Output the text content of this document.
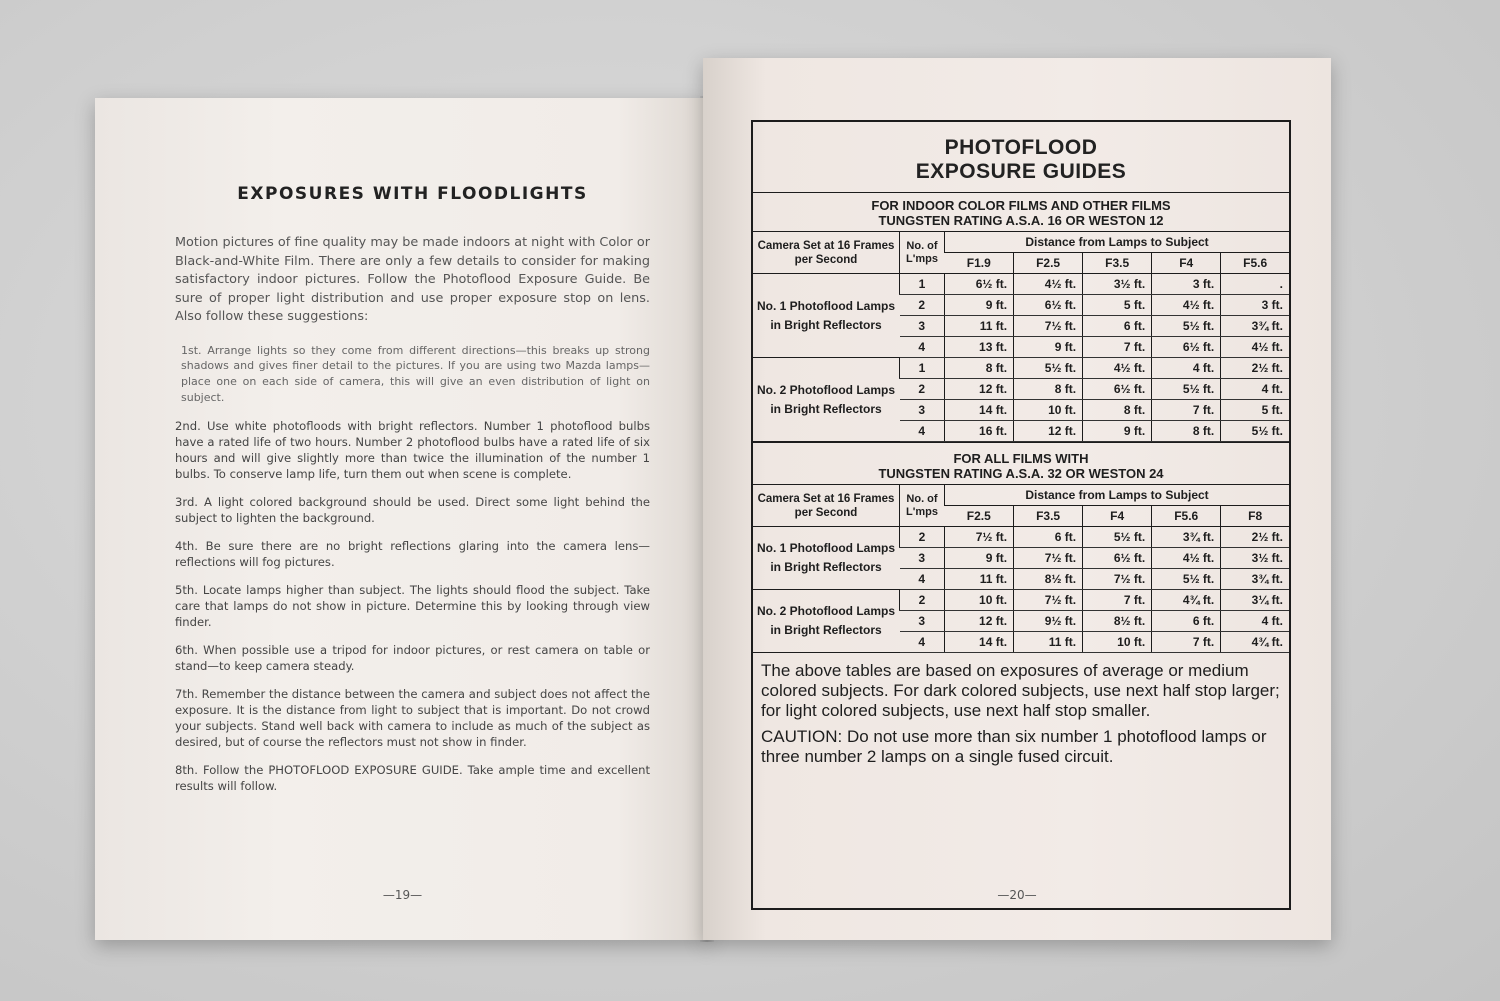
EXPOSURES WITH FLOODLIGHTS

Motion pictures of fine quality may be made indoors at night with Color or Black-and-White Film. There are only a few details to consider for making satisfactory indoor pictures. Follow the Photoflood Exposure Guide. Be sure of proper light distribution and use proper exposure stop on lens. Also follow these suggestions:

1st. Arrange lights so they come from different directions—this breaks up strong shadows and gives finer detail to the pictures. If you are using two Mazda lamps—place one on each side of camera, this will give an even distribution of light on subject.

2nd. Use white photofloods with bright reflectors. Number 1 photoflood bulbs have a rated life of two hours. Number 2 photoflood bulbs have a rated life of six hours and will give slightly more than twice the illumination of the number 1 bulbs. To conserve lamp life, turn them out when scene is complete.

3rd. A light colored background should be used. Direct some light behind the subject to lighten the background.

4th. Be sure there are no bright reflections glaring into the camera lens—reflections will fog pictures.

5th. Locate lamps higher than subject. The lights should flood the subject. Take care that lamps do not show in picture. Determine this by looking through view finder.

6th. When possible use a tripod for indoor pictures, or rest camera on table or stand—to keep camera steady.

7th. Remember the distance between the camera and subject does not affect the exposure. It is the distance from light to subject that is important. Do not crowd your subjects. Stand well back with camera to include as much of the subject as desired, but of course the reflectors must not show in finder.

8th. Follow the PHOTOFLOOD EXPOSURE GUIDE. Take ample time and excellent results will follow.

—19—
PHOTOFLOOD
EXPOSURE GUIDES
FOR INDOOR COLOR FILMS AND OTHER FILMS
TUNGSTEN RATING A.S.A. 16 OR WESTON 12
Camera Set at 16 Frames per Second	No. of L'mps	Distance from Lamps to Subject				
		F1.9	F2.5	F3.5	F4	F5.6
No. 1 Photoflood Lamps in Bright Reflectors	1	6½ ft.	4½ ft.	3½ ft.	3 ft.	.
	2	9 ft.	6½ ft.	5 ft.	4½ ft.	3 ft.
	3	11 ft.	7½ ft.	6 ft.	5½ ft.	3¾ ft.
	4	13 ft.	9 ft.	7 ft.	6½ ft.	4½ ft.
No. 2 Photoflood Lamps in Bright Reflectors	1	8 ft.	5½ ft.	4½ ft.	4 ft.	2½ ft.
	2	12 ft.	8 ft.	6½ ft.	5½ ft.	4 ft.
	3	14 ft.	10 ft.	8 ft.	7 ft.	5 ft.
	4	16 ft.	12 ft.	9 ft.	8 ft.	5½ ft.
FOR ALL FILMS WITH
TUNGSTEN RATING A.S.A. 32 OR WESTON 24
Camera Set at 16 Frames per Second	No. of L'mps	Distance from Lamps to Subject				
		F2.5	F3.5	F4	F5.6	F8
No. 1 Photoflood Lamps in Bright Reflectors	2	7½ ft.	6 ft.	5½ ft.	3¾ ft.	2½ ft.
	3	9 ft.	7½ ft.	6½ ft.	4½ ft.	3½ ft.
	4	11 ft.	8½ ft.	7½ ft.	5½ ft.	3¾ ft.
No. 2 Photoflood Lamps in Bright Reflectors	2	10 ft.	7½ ft.	7 ft.	4¾ ft.	3¼ ft.
	3	12 ft.	9½ ft.	8½ ft.	6 ft.	4 ft.
	4	14 ft.	11 ft.	10 ft.	7 ft.	4¾ ft.
The above tables are based on exposures of average or medium colored subjects. For dark colored subjects, use next half stop larger; for light colored subjects, use next half stop smaller.
CAUTION: Do not use more than six number 1 photoflood lamps or three number 2 lamps on a single fused circuit.
—20—
